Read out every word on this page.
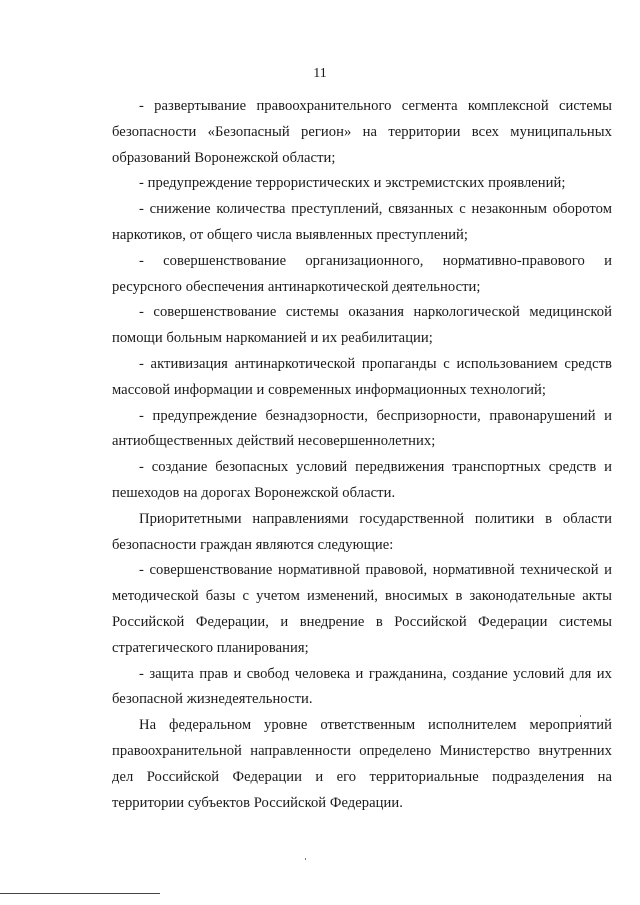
11

- развертывание правоохранительного сегмента комплексной системы безопасности «Безопасный регион» на территории всех муниципальных образований Воронежской области;

- предупреждение террористических и экстремистских проявлений;

- снижение количества преступлений, связанных с незаконным оборотом наркотиков, от общего числа выявленных преступлений;

- совершенствование организационного, нормативно-правового и ресурсного обеспечения антинаркотической деятельности;

- совершенствование системы оказания наркологической медицинской помощи больным наркоманией и их реабилитации;

- активизация антинаркотической пропаганды с использованием средств массовой информации и современных информационных технологий;

- предупреждение безнадзорности, беспризорности, правонарушений и антиобщественных действий несовершеннолетних;

- создание безопасных условий передвижения транспортных средств и пешеходов на дорогах Воронежской области.

Приоритетными направлениями государственной политики в области безопасности граждан являются следующие:

- совершенствование нормативной правовой, нормативной технической и методической базы с учетом изменений, вносимых в законодательные акты Российской Федерации, и внедрение в Российской Федерации системы стратегического планирования;

- защита прав и свобод человека и гражданина, создание условий для их безопасной жизнедеятельности.

На федеральном уровне ответственным исполнителем мероприятий правоохранительной направленности определено Министерство внутренних дел Российской Федерации и его территориальные подразделения на территории субъектов Российской Федерации.
